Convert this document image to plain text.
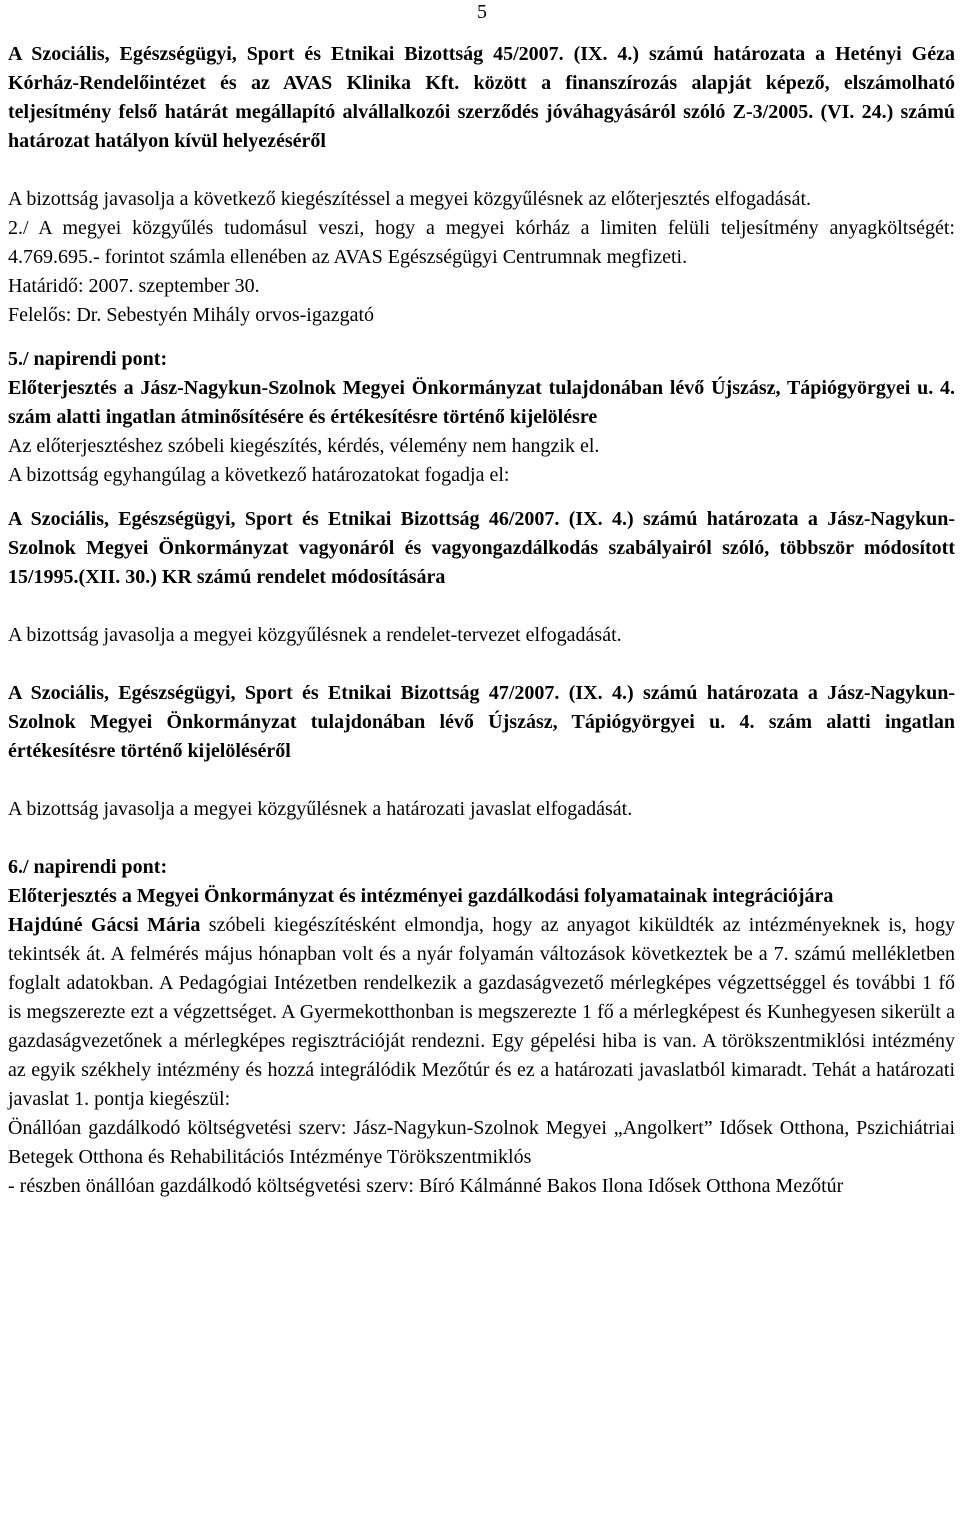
5

A Szociális, Egészségügyi, Sport és Etnikai Bizottság 45/2007. (IX. 4.) számú határozata a Hetényi Géza Kórház-Rendelőintézet és az AVAS Klinika Kft. között a finanszírozás alapját képező, elszámolható teljesítmény felső határát megállapító alvállalkozói szerződés jóváhagyásáról szóló Z-3/2005. (VI. 24.) számú határozat hatályon kívül helyezéséről

A bizottság javasolja a következő kiegészítéssel a megyei közgyűlésnek az előterjesztés elfogadását.

2./ A megyei közgyűlés tudomásul veszi, hogy a megyei kórház a limiten felüli teljesítmény anyagköltségét: 4.769.695.- forintot számla ellenében az AVAS Egészségügyi Centrumnak megfizeti.

Határidő: 2007. szeptember 30.

Felelős: Dr. Sebestyén Mihály orvos-igazgató

5./ napirendi pont:

Előterjesztés a Jász-Nagykun-Szolnok Megyei Önkormányzat tulajdonában lévő Újszász, Tápiógyörgyei u. 4. szám alatti ingatlan átminősítésére és értékesítésre történő kijelölésre

Az előterjesztéshez szóbeli kiegészítés, kérdés, vélemény nem hangzik el.

A bizottság egyhangúlag a következő határozatokat fogadja el:

A Szociális, Egészségügyi, Sport és Etnikai Bizottság 46/2007. (IX. 4.) számú határozata a Jász-Nagykun-Szolnok Megyei Önkormányzat vagyonáról és vagyongazdálkodás szabályairól szóló, többször módosított 15/1995.(XII. 30.) KR számú rendelet módosítására

A bizottság javasolja a megyei közgyűlésnek a rendelet-tervezet elfogadását.

A Szociális, Egészségügyi, Sport és Etnikai Bizottság 47/2007. (IX. 4.) számú határozata a Jász-Nagykun-Szolnok Megyei Önkormányzat tulajdonában lévő Újszász, Tápiógyörgyei u. 4. szám alatti ingatlan értékesítésre történő kijelöléséről

A bizottság javasolja a megyei közgyűlésnek a határozati javaslat elfogadását.

6./ napirendi pont:

Előterjesztés a Megyei Önkormányzat és intézményei gazdálkodási folyamatainak integrációjára

Hajdúné Gácsi Mária szóbeli kiegészítésként elmondja, hogy az anyagot kiküldték az intézményeknek is, hogy tekintsék át. A felmérés május hónapban volt és a nyár folyamán változások következtek be a 7. számú mellékletben foglalt adatokban. A Pedagógiai Intézetben rendelkezik a gazdaságvezető mérlegképes végzettséggel és további 1 fő is megszerezte ezt a végzettséget. A Gyermekotthonban is megszerezte 1 fő a mérlegképest és Kunhegyesen sikerült a gazdaságvezetőnek a mérlegképes regisztrációját rendezni. Egy gépelési hiba is van. A törökszentmiklósi intézmény az egyik székhely intézmény és hozzá integrálódik Mezőtúr és ez a határozati javaslatból kimaradt. Tehát a határozati javaslat 1. pontja kiegészül:

Önállóan gazdálkodó költségvetési szerv: Jász-Nagykun-Szolnok Megyei „Angolkert” Idősek Otthona, Pszichiátriai Betegek Otthona és Rehabilitációs Intézménye Törökszentmiklós

- részben önállóan gazdálkodó költségvetési szerv: Bíró Kálmánné Bakos Ilona Idősek Otthona Mezőtúr
